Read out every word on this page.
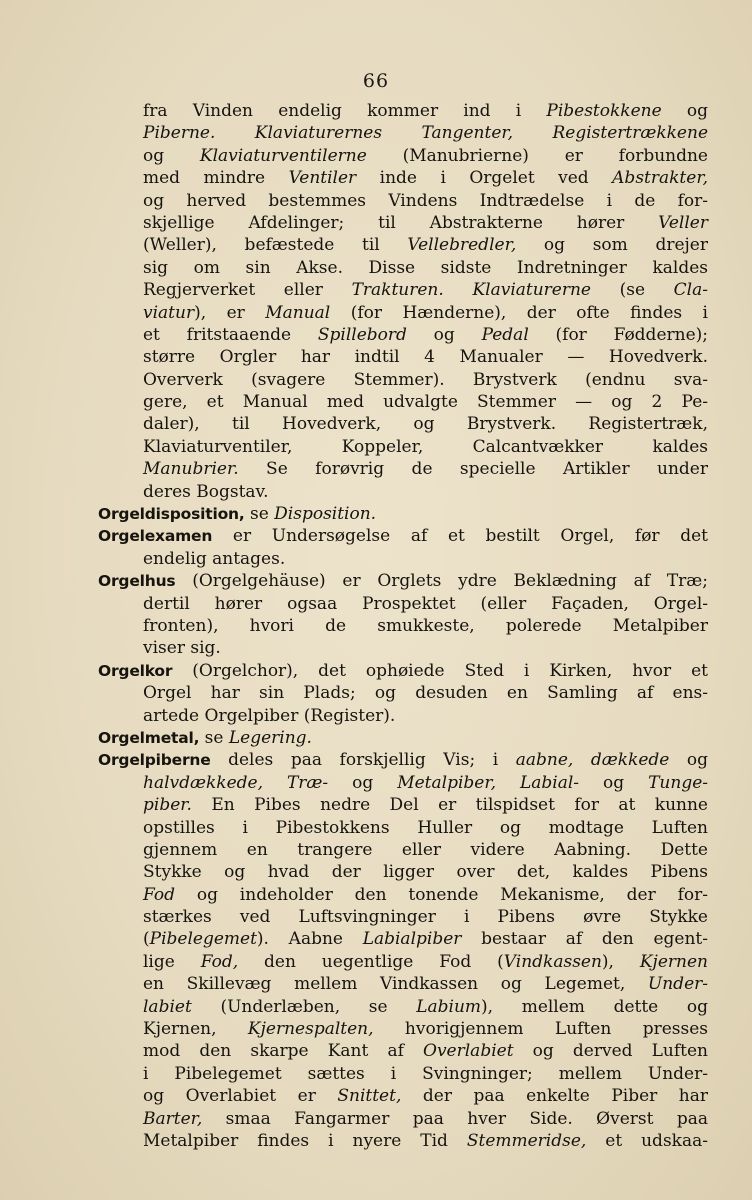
66
fra Vinden endelig kommer ind i Pibestokkene og
Piberne. Klaviaturernes Tangenter, Registertrækkene
og Klaviaturventilerne (Manubrierne) er forbundne
med mindre Ventiler inde i Orgelet ved Abstrakter,
og herved bestemmes Vindens Indtrædelse i de for-
skjellige Afdelinger; til Abstrakterne hører Veller
(Weller), befæstede til Vellebredler, og som drejer
sig om sin Akse. Disse sidste Indretninger kaldes
Regjerverket eller Trakturen. Klaviaturerne (se Cla-
viatur), er Manual (for Hænderne), der ofte findes i
et fritstaaende Spillebord og Pedal (for Fødderne);
større Orgler har indtil 4 Manualer — Hovedverk.
Oververk (svagere Stemmer). Brystverk (endnu sva-
gere, et Manual med udvalgte Stemmer — og 2 Pe-
daler), til Hovedverk, og Brystverk. Registertræk,
Klaviaturventiler, Koppeler, Calcantvækker kaldes
Manubrier. Se forøvrig de specielle Artikler under
deres Bogstav.
Orgeldisposition, se Disposition.
Orgelexamen er Undersøgelse af et bestilt Orgel, før det
endelig antages.
Orgelhus (Orgelgehäuse) er Orglets ydre Beklædning af Træ;
dertil hører ogsaa Prospektet (eller Façaden, Orgel-
fronten), hvori de smukkeste, polerede Metalpiber
viser sig.
Orgelkor (Orgelchor), det ophøiede Sted i Kirken, hvor et
Orgel har sin Plads; og desuden en Samling af ens-
artede Orgelpiber (Register).
Orgelmetal, se Legering.
Orgelpiberne deles paa forskjellig Vis; i aabne, dækkede og
halvdækkede, Træ- og Metalpiber, Labial- og Tunge-
piber. En Pibes nedre Del er tilspidset for at kunne
opstilles i Pibestokkens Huller og modtage Luften
gjennem en trangere eller videre Aabning. Dette
Stykke og hvad der ligger over det, kaldes Pibens
Fod og indeholder den tonende Mekanisme, der for-
stærkes ved Luftsvingninger i Pibens øvre Stykke
(Pibelegemet). Aabne Labialpiber bestaar af den egent-
lige Fod, den uegentlige Fod (Vindkassen), Kjernen
en Skillevæg mellem Vindkassen og Legemet, Under-
labiet (Underlæben, se Labium), mellem dette og
Kjernen, Kjernespalten, hvorigjennem Luften presses
mod den skarpe Kant af Overlabiet og derved Luften
i Pibelegemet sættes i Svingninger; mellem Under-
og Overlabiet er Snittet, der paa enkelte Piber har
Barter, smaa Fangarmer paa hver Side. Øverst paa
Metalpiber findes i nyere Tid Stemmeridse, et udskaa-
